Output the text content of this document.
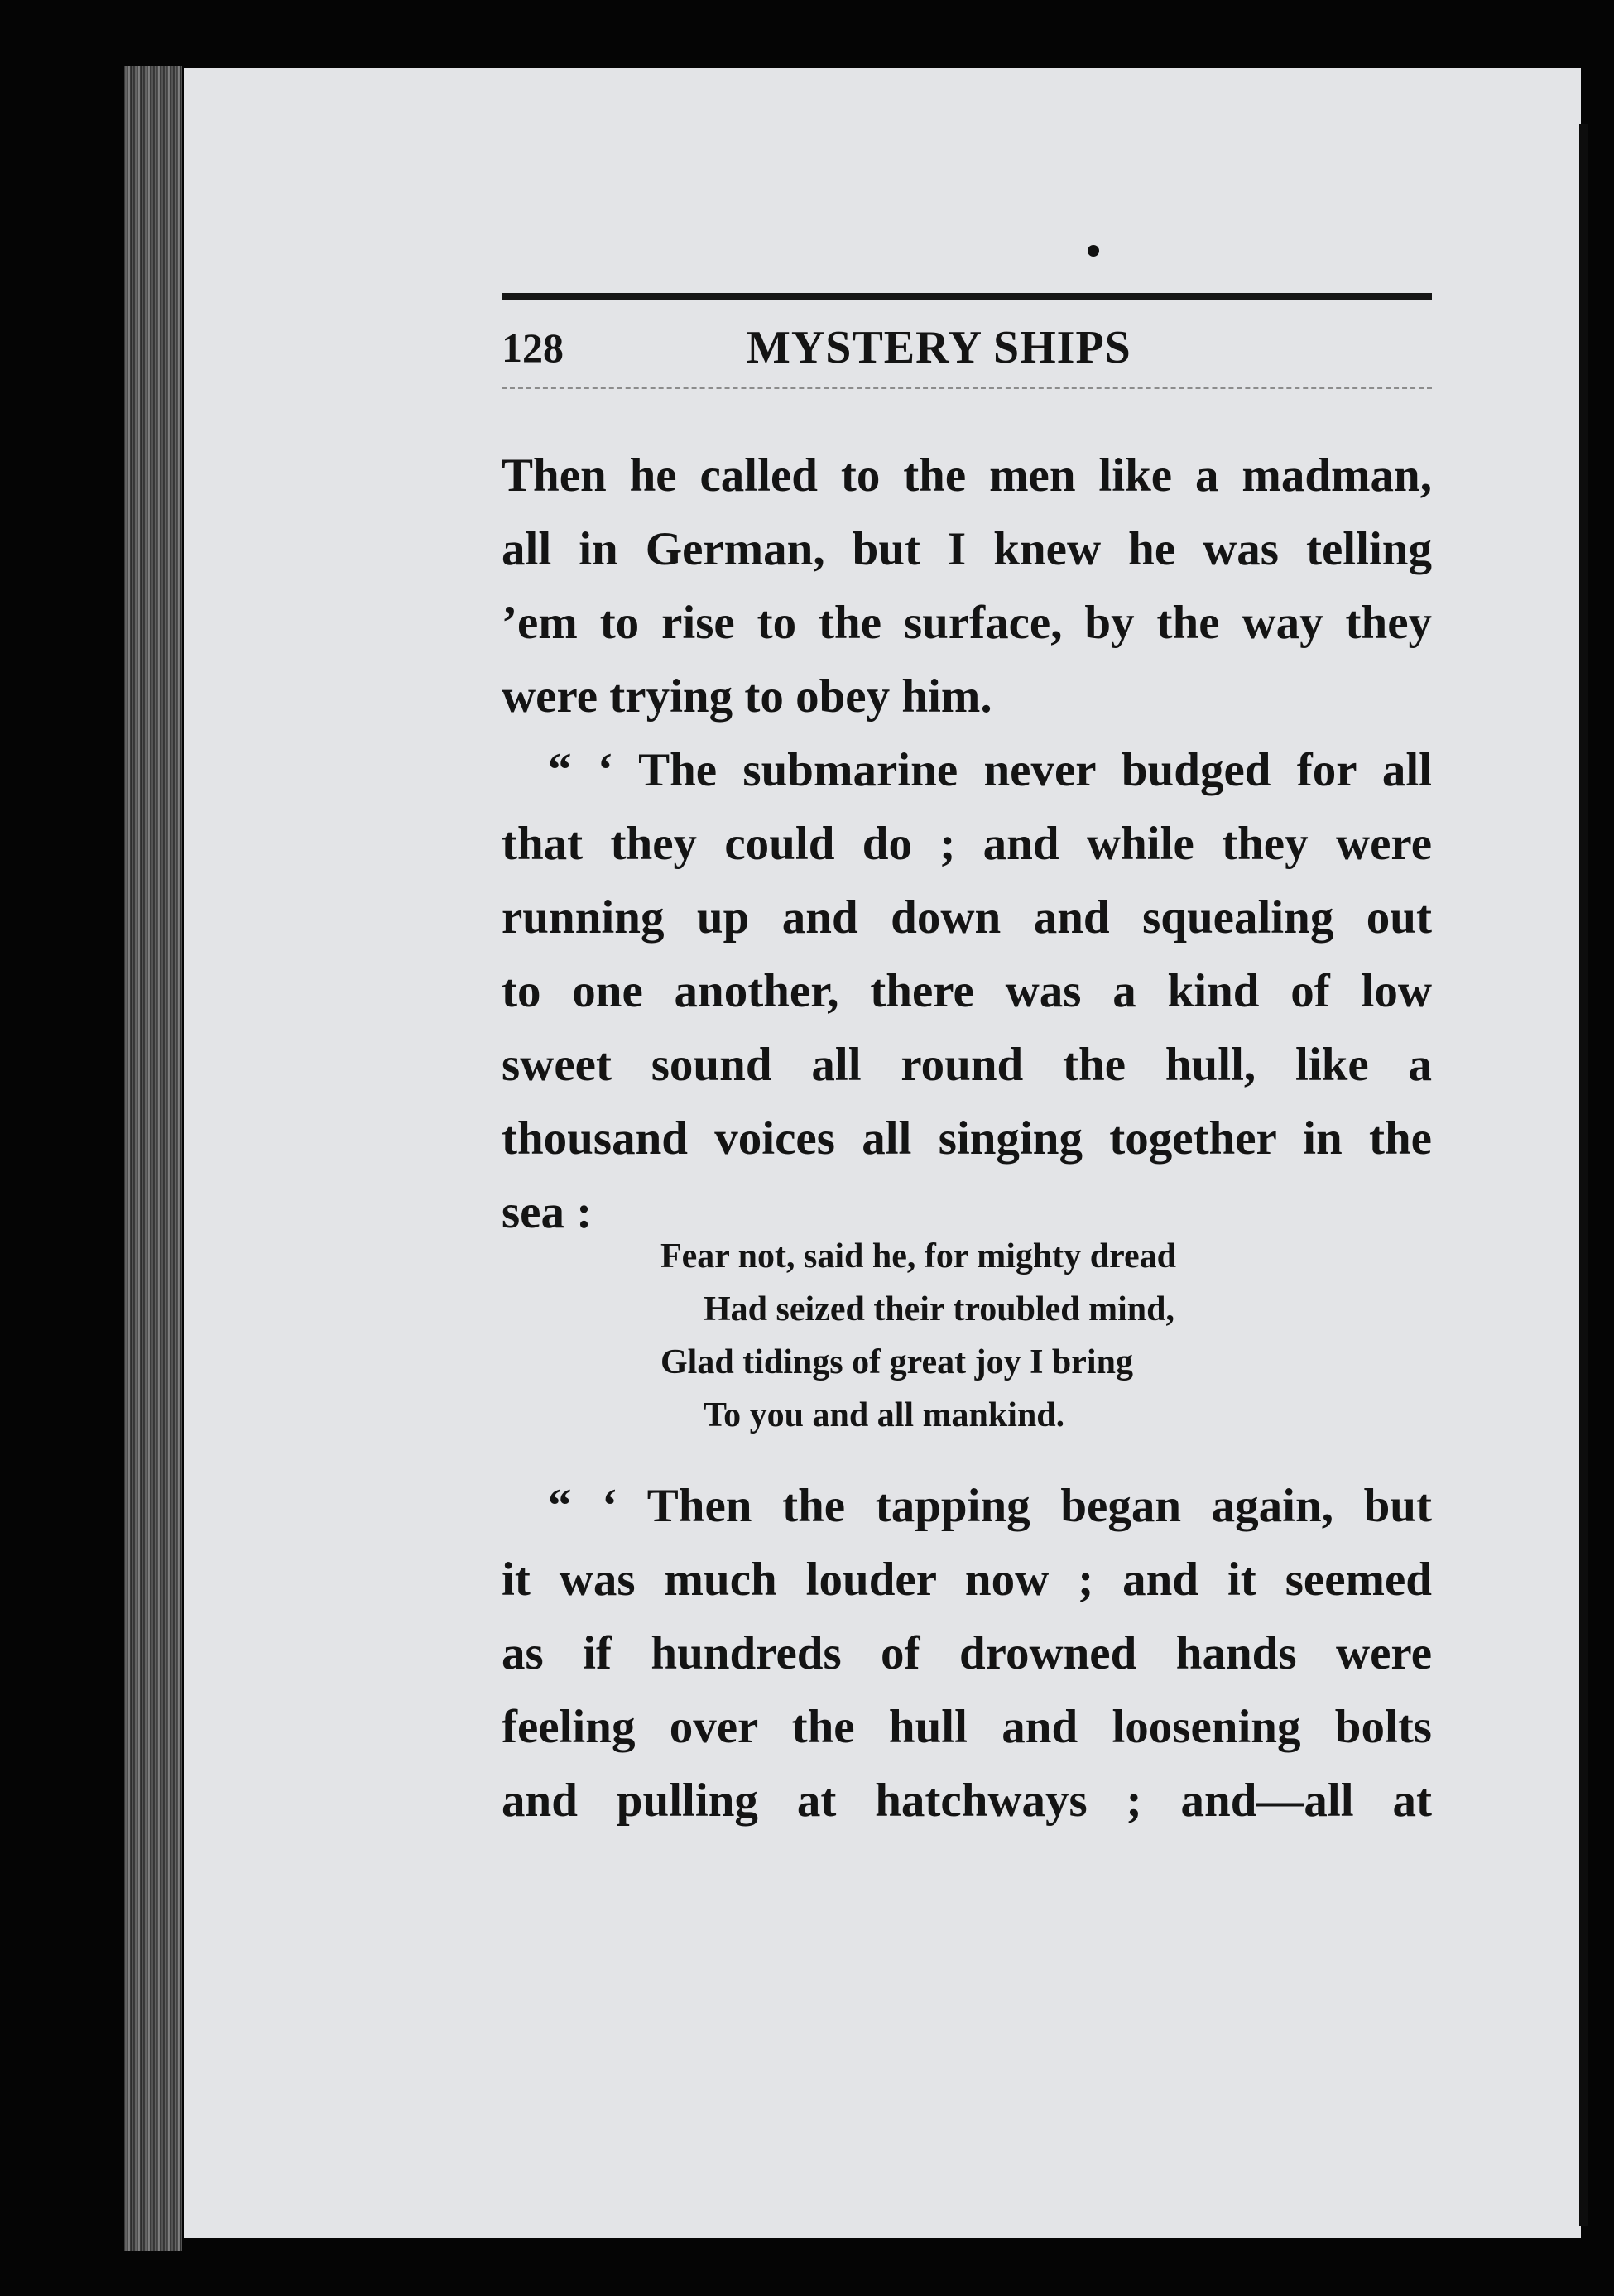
128	MYSTERY SHIPS

Then he called to the men like a madman,

all in German, but I knew he was telling

’em to rise to the surface, by the way they

were trying to obey him.

“ ‘ The submarine never budged for all

that they could do ; and while they were

running up and down and squealing out

to one another, there was a kind of low

sweet sound all round the hull, like a

thousand voices all singing together in the

sea :

Fear not, said he, for mighty dread
Had seized their troubled mind,
Glad tidings of great joy I bring
To you and all mankind.

“ ‘ Then the tapping began again, but

it was much louder now ; and it seemed

as if hundreds of drowned hands were

feeling over the hull and loosening bolts

and pulling at hatchways ; and—all at
